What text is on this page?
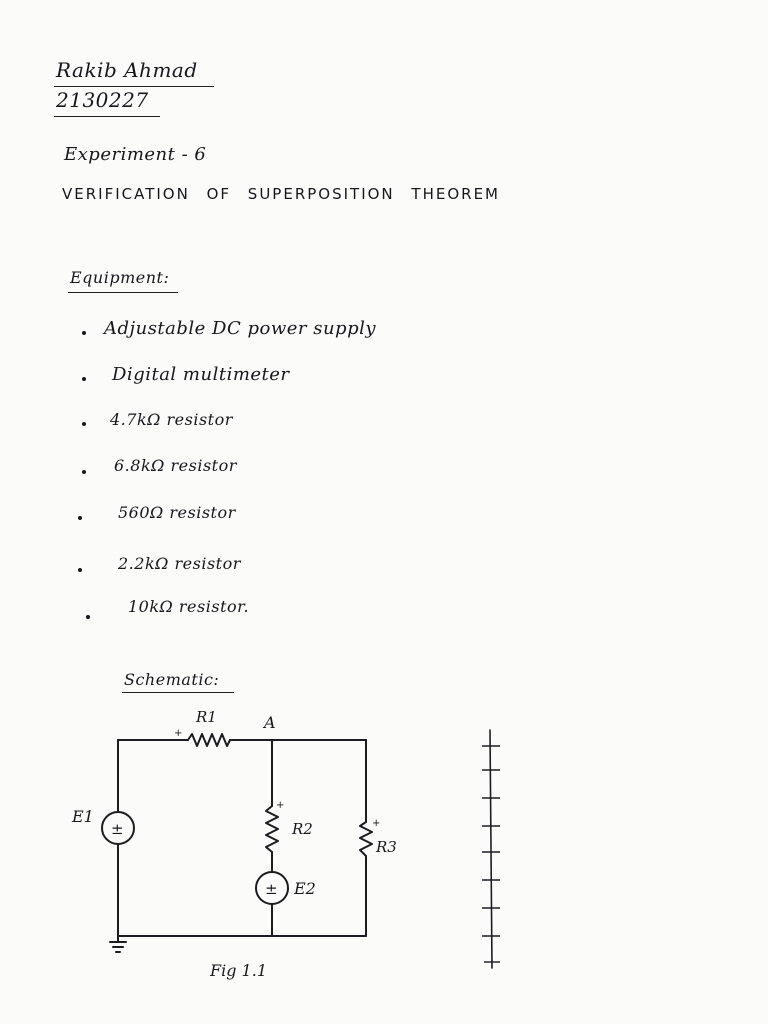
Rakib Ahmad
2130227
Experiment - 6
VERIFICATION OF SUPERPOSITION THEOREM
Equipment:
Adjustable DC power supply
Digital multimeter
4.7kΩ resistor
6.8kΩ resistor
560Ω resistor
2.2kΩ resistor
10kΩ resistor.
Schematic:
±
±
+
+
+
R1	A
R2
R3
E1
E2
Fig 1.1
